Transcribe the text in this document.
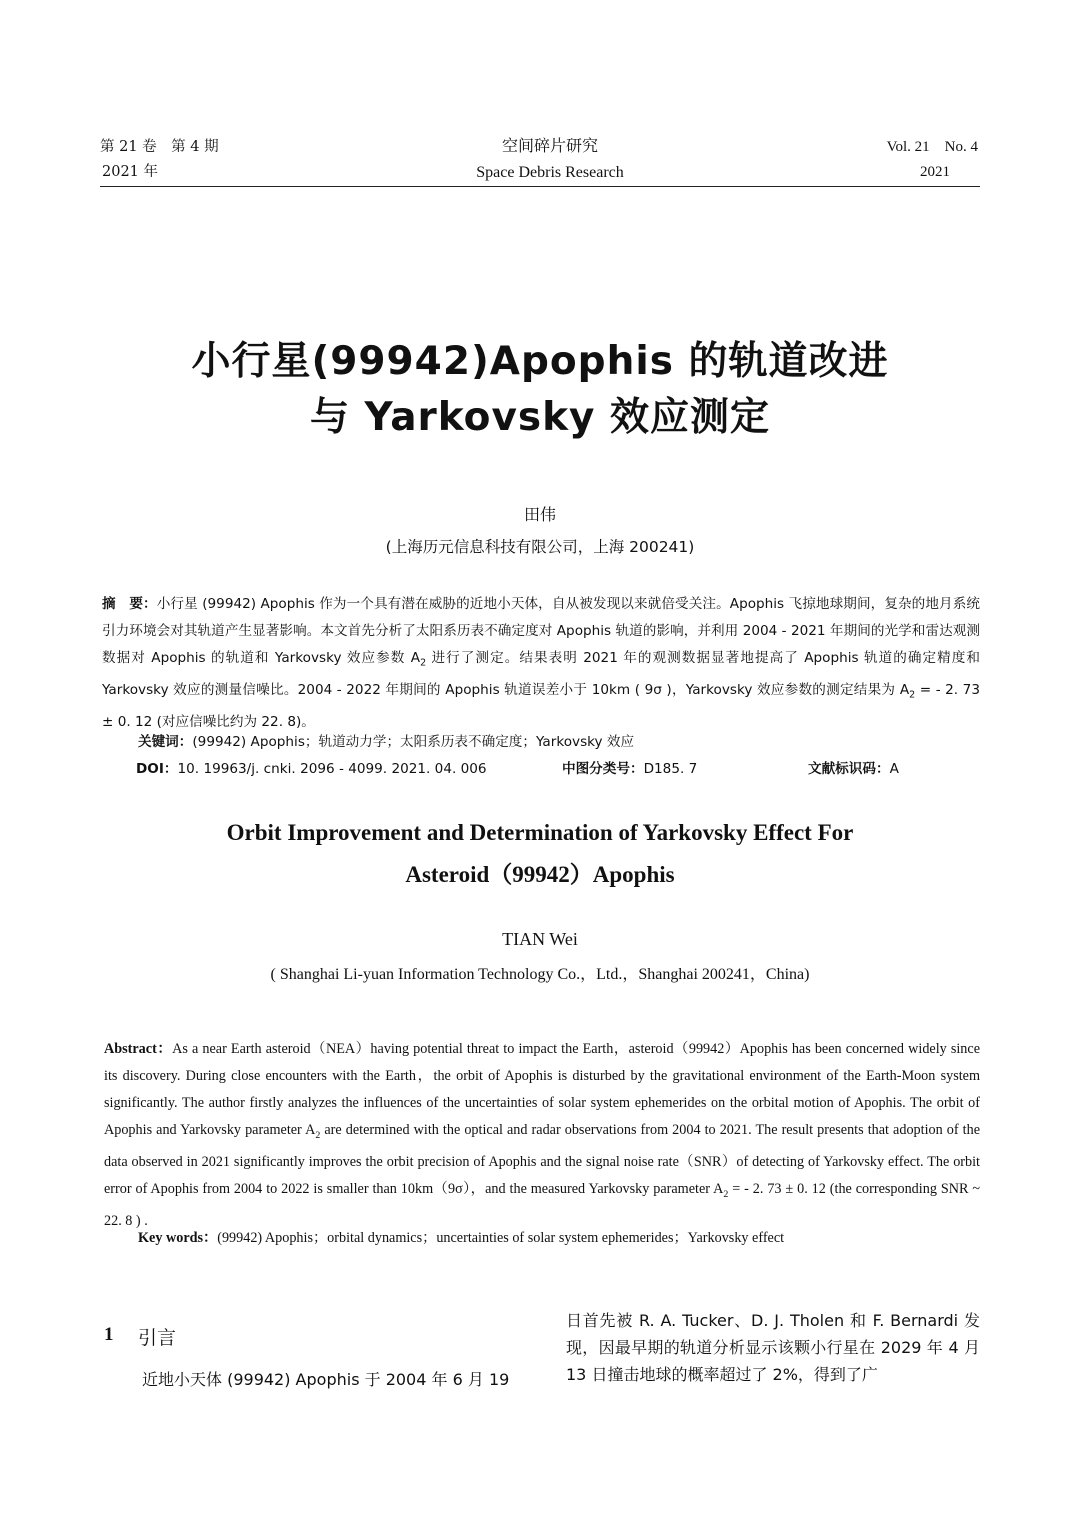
第 21 卷　第 4 期
2021 年
空间碎片研究
Space Debris Research
Vol. 21　No. 4
2021
小行星(99942)Apophis 的轨道改进
与 Yarkovsky 效应测定
田伟
(上海历元信息科技有限公司，上海 200241)
摘　要：小行星 (99942) Apophis 作为一个具有潜在威胁的近地小天体，自从被发现以来就倍受关注。Apophis 飞掠地球期间，复杂的地月系统引力环境会对其轨道产生显著影响。本文首先分析了太阳系历表不确定度对 Apophis 轨道的影响，并利用 2004 - 2021 年期间的光学和雷达观测数据对 Apophis 的轨道和 Yarkovsky 效应参数 $A_2$ 进行了测定。结果表明 2021 年的观测数据显著地提高了 Apophis 轨道的确定精度和 Yarkovsky 效应的测量信噪比。2004 - 2022 年期间的 Apophis 轨道误差小于 10km ( 9σ )，Yarkovsky 效应参数的测定结果为 $A_2$ = - 2. 73 ± 0. 12 (对应信噪比约为 22. 8)。
关键词：(99942) Apophis；轨道动力学；太阳系历表不确定度；Yarkovsky 效应
DOI：10. 19963/j. cnki. 2096 - 4099. 2021. 04. 006	中图分类号：D185. 7	文献标识码：A
Orbit Improvement and Determination of Yarkovsky Effect For
Asteroid（99942）Apophis
TIAN Wei
( Shanghai Li-yuan Information Technology Co.，Ltd.，Shanghai 200241，China)
Abstract：As a near Earth asteroid（NEA）having potential threat to impact the Earth，asteroid（99942）Apophis has been concerned widely since its discovery. During close encounters with the Earth，the orbit of Apophis is disturbed by the gravitational environment of the Earth-Moon system significantly. The author firstly analyzes the influences of the uncertainties of solar system ephemerides on the orbital motion of Apophis. The orbit of Apophis and Yarkovsky parameter $A_2$ are determined with the optical and radar observations from 2004 to 2021. The result presents that adoption of the data observed in 2021 significantly improves the orbit precision of Apophis and the signal noise rate（SNR）of detecting of Yarkovsky effect. The orbit error of Apophis from 2004 to 2022 is smaller than 10km（9σ），and the measured Yarkovsky parameter $A_2$ = - 2. 73 ± 0. 12 (the corresponding SNR ~ 22. 8 ) .
Key words：(99942) Apophis；orbital dynamics；uncertainties of solar system ephemerides；Yarkovsky effect
1 引言
近地小天体 (99942) Apophis 于 2004 年 6 月 19
日首先被 R. A. Tucker、D. J. Tholen 和 F. Bernardi 发现，因最早期的轨道分析显示该颗小行星在 2029 年 4 月 13 日撞击地球的概率超过了 2%，得到了广
